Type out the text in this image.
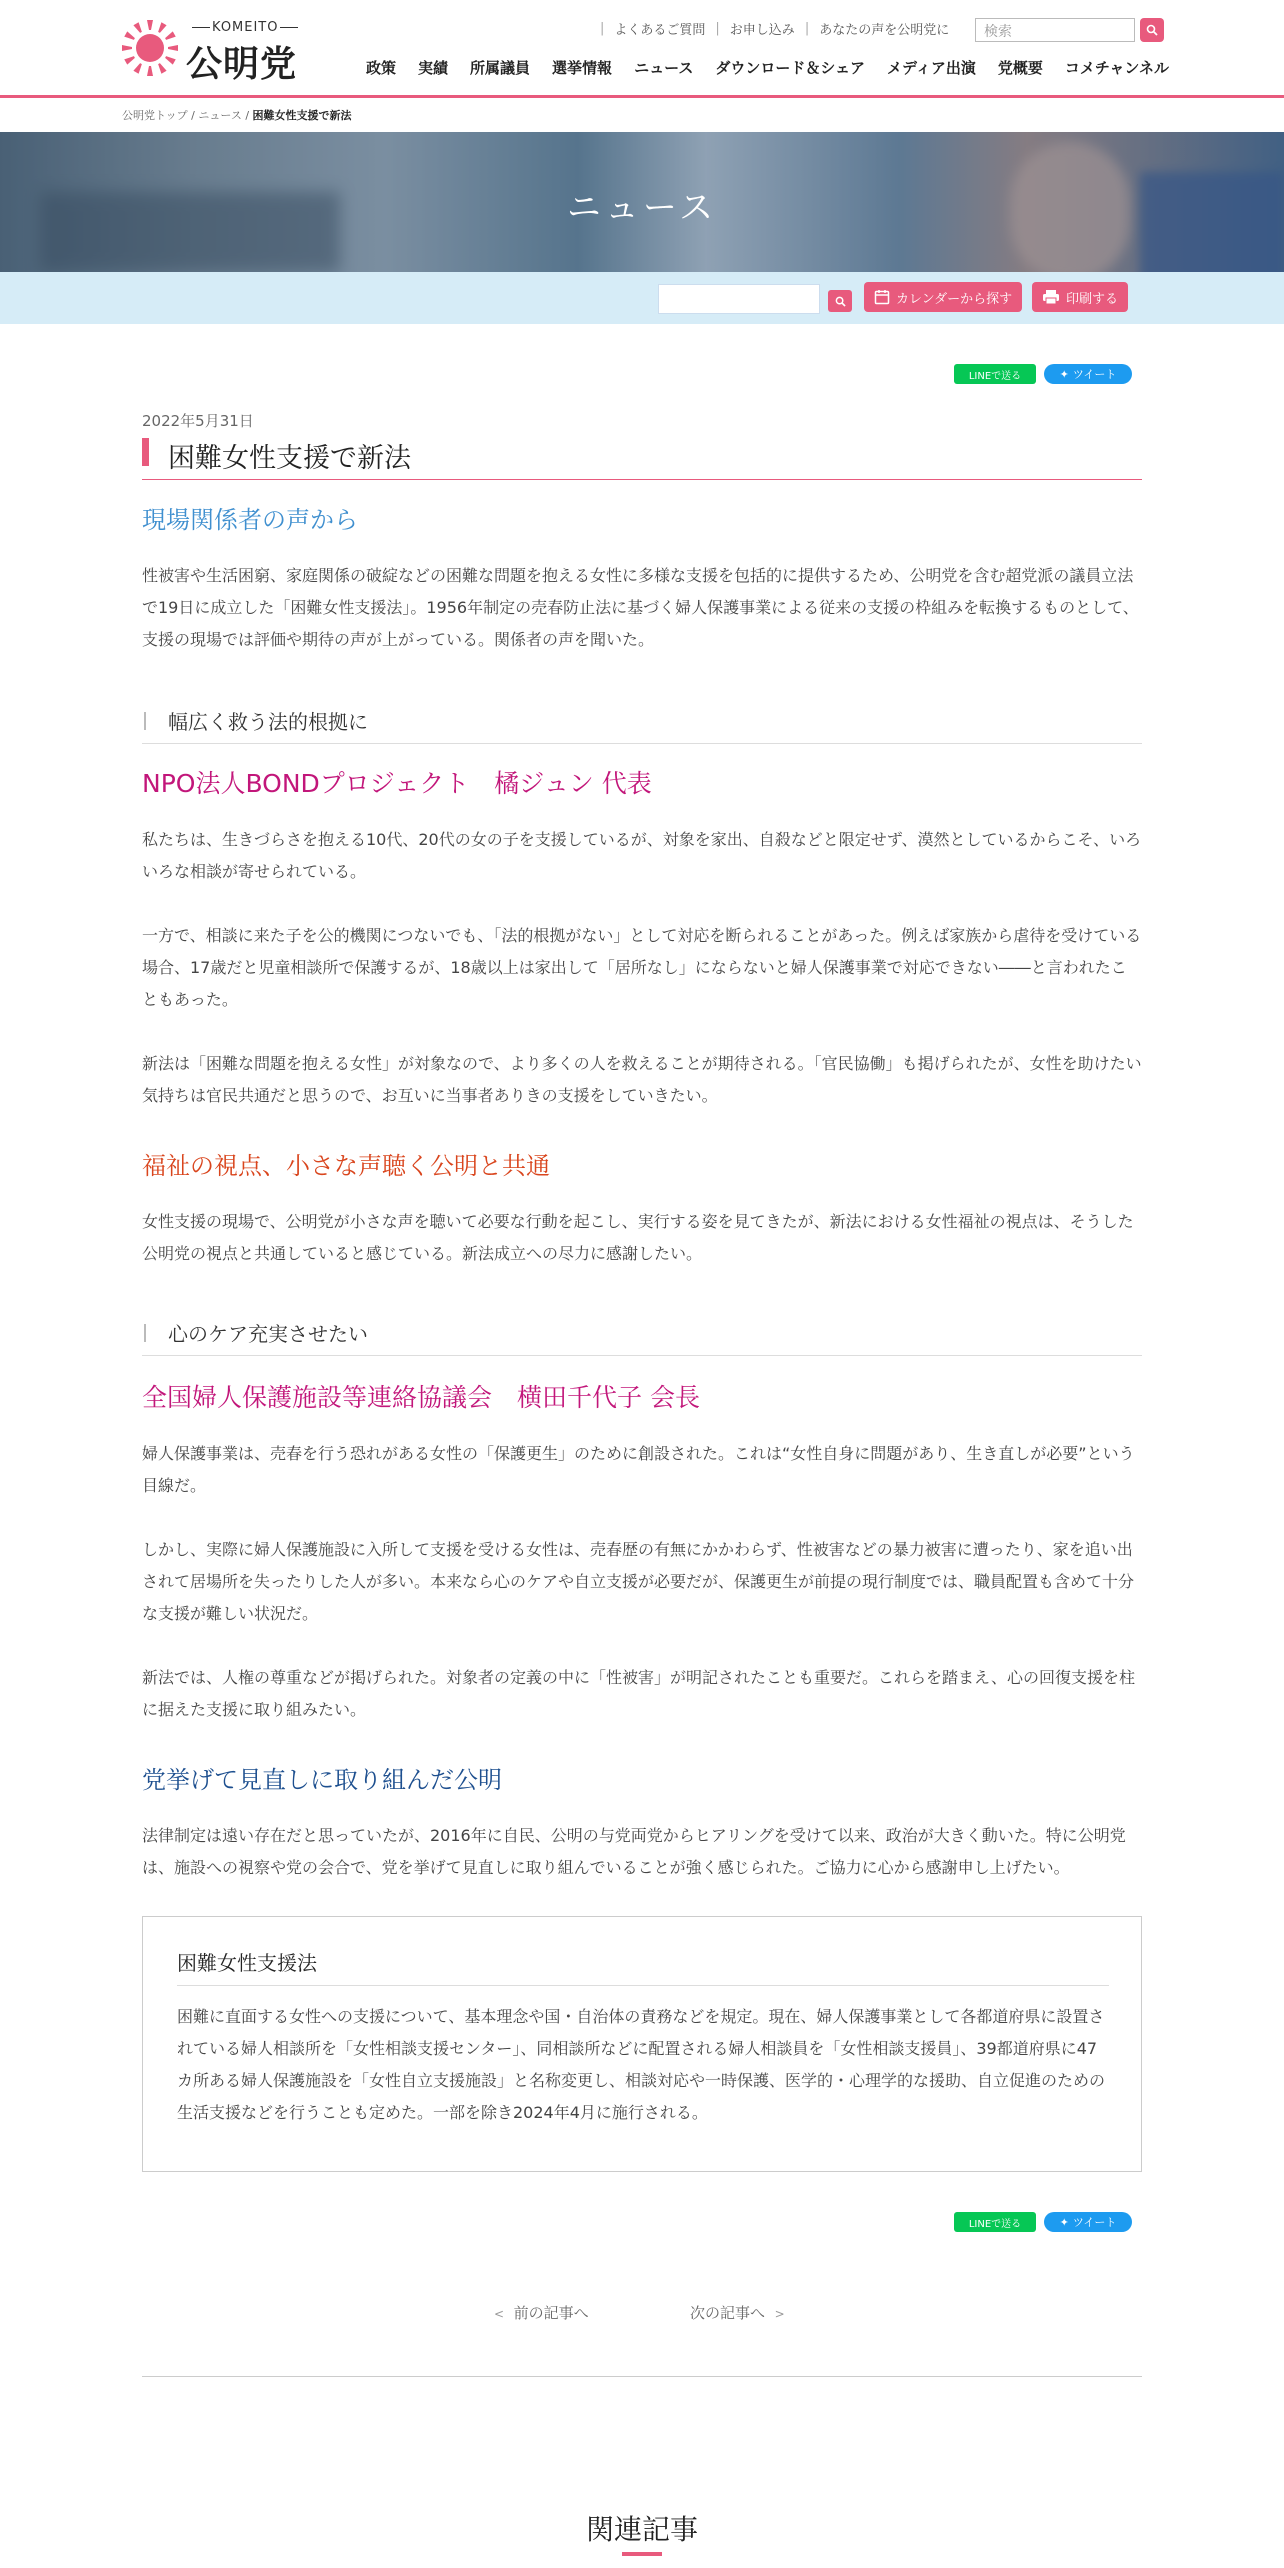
KOMEITO
公明党
| よくあるご質問 | お申し込み | あなたの声を公明党に	検索
政策 実績 所属議員 選挙情報 ニュース ダウンロード＆シェア メディア出演 党概要 コメチャンネル
公明党トップ / ニュース / 困難女性支援で新法
ニュース
カレンダーから探す	印刷する
LINEで送る	✦ ツイート
2022年5月31日
困難女性支援で新法
現場関係者の声から

性被害や生活困窮、家庭関係の破綻などの困難な問題を抱える女性に多様な支援を包括的に提供するため、公明党を含む超党派の議員立法で19日に成立した「困難女性支援法」。1956年制定の売春防止法に基づく婦人保護事業による従来の支援の枠組みを転換するものとして、支援の現場では評価や期待の声が上がっている。関係者の声を聞いた。

幅広く救う法的根拠に
NPO法人BONDプロジェクト　橘ジュン 代表

私たちは、生きづらさを抱える10代、20代の女の子を支援しているが、対象を家出、自殺などと限定せず、漠然としているからこそ、いろいろな相談が寄せられている。

一方で、相談に来た子を公的機関につないでも、「法的根拠がない」として対応を断られることがあった。例えば家族から虐待を受けている場合、17歳だと児童相談所で保護するが、18歳以上は家出して「居所なし」にならないと婦人保護事業で対応できない――と言われたこともあった。

新法は「困難な問題を抱える女性」が対象なので、より多くの人を救えることが期待される。「官民協働」も掲げられたが、女性を助けたい気持ちは官民共通だと思うので、お互いに当事者ありきの支援をしていきたい。

福祉の視点、小さな声聴く公明と共通

女性支援の現場で、公明党が小さな声を聴いて必要な行動を起こし、実行する姿を見てきたが、新法における女性福祉の視点は、そうした公明党の視点と共通していると感じている。新法成立への尽力に感謝したい。

心のケア充実させたい
全国婦人保護施設等連絡協議会　横田千代子 会長

婦人保護事業は、売春を行う恐れがある女性の「保護更生」のために創設された。これは“女性自身に問題があり、生き直しが必要”という目線だ。

しかし、実際に婦人保護施設に入所して支援を受ける女性は、売春歴の有無にかかわらず、性被害などの暴力被害に遭ったり、家を追い出されて居場所を失ったりした人が多い。本来なら心のケアや自立支援が必要だが、保護更生が前提の現行制度では、職員配置も含めて十分な支援が難しい状況だ。

新法では、人権の尊重などが掲げられた。対象者の定義の中に「性被害」が明記されたことも重要だ。これらを踏まえ、心の回復支援を柱に据えた支援に取り組みたい。

党挙げて見直しに取り組んだ公明

法律制定は遠い存在だと思っていたが、2016年に自民、公明の与党両党からヒアリングを受けて以来、政治が大きく動いた。特に公明党は、施設への視察や党の会合で、党を挙げて見直しに取り組んでいることが強く感じられた。ご協力に心から感謝申し上げたい。

困難女性支援法

困難に直面する女性への支援について、基本理念や国・自治体の責務などを規定。現在、婦人保護事業として各都道府県に設置されている婦人相談所を「女性相談支援センター」、同相談所などに配置される婦人相談員を「女性相談支援員」、39都道府県に47カ所ある婦人保護施設を「女性自立支援施設」と名称変更し、相談対応や一時保護、医学的・心理学的な援助、自立促進のための生活支援などを行うことも定めた。一部を除き2024年4月に施行される。

LINEで送る	✦ ツイート
< 前の記事へ	次の記事へ >
関連記事
